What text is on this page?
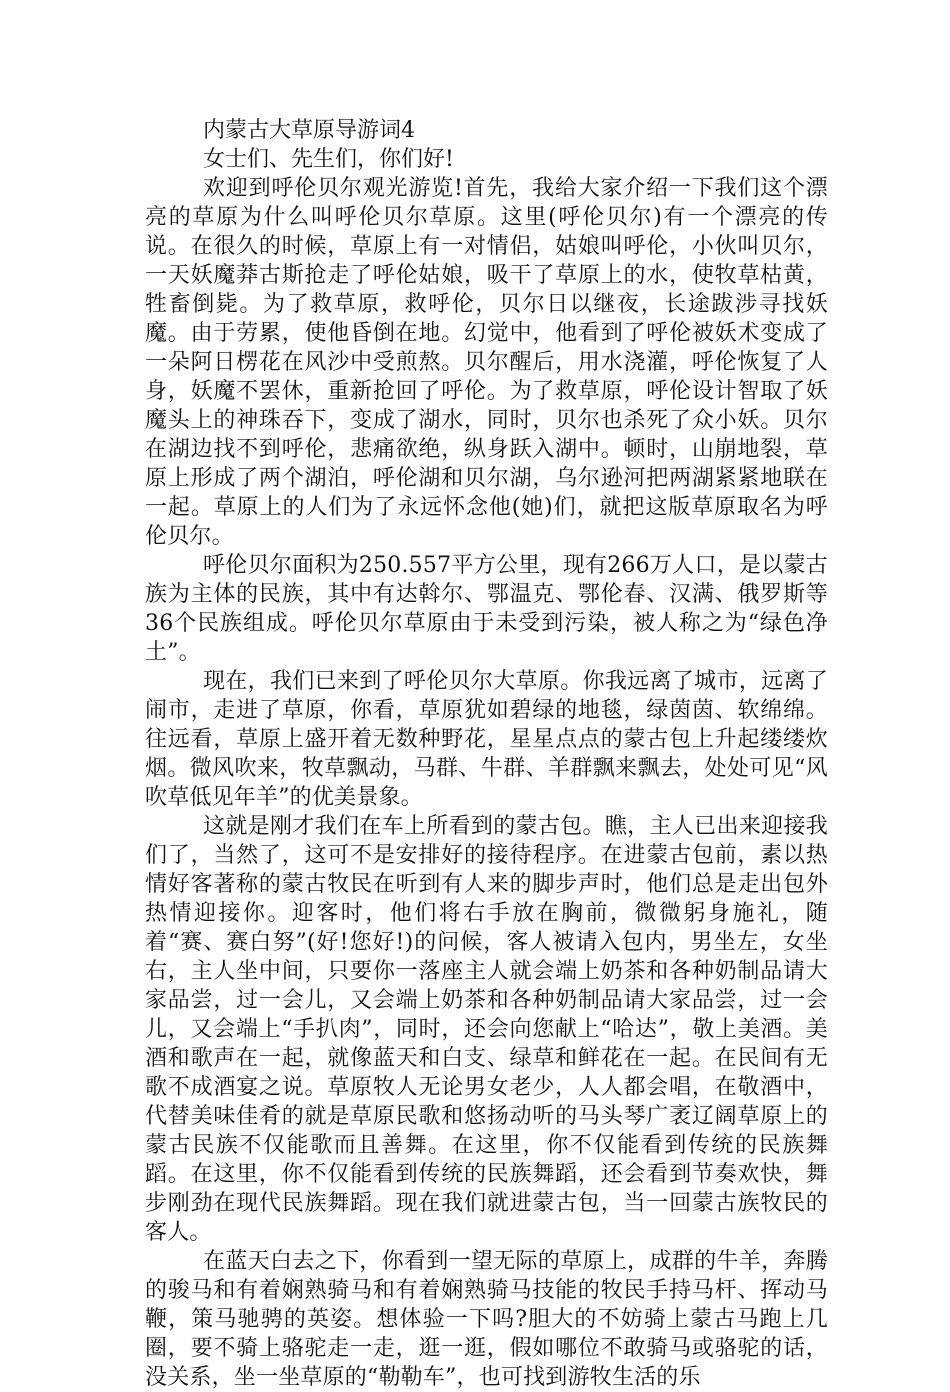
内蒙古大草原导游词4

女士们、先生们，你们好!

欢迎到呼伦贝尔观光游览!首先，我给大家介绍一下我们这个漂亮的草原为什么叫呼伦贝尔草原。这里(呼伦贝尔)有一个漂亮的传说。在很久的时候，草原上有一对情侣，姑娘叫呼伦，小伙叫贝尔，一天妖魔莽古斯抢走了呼伦姑娘，吸干了草原上的水，使牧草枯黄，牲畜倒毙。为了救草原，救呼伦，贝尔日以继夜，长途跋涉寻找妖魔。由于劳累，使他昏倒在地。幻觉中，他看到了呼伦被妖术变成了一朵阿日楞花在风沙中受煎熬。贝尔醒后，用水浇灌，呼伦恢复了人身，妖魔不罢休，重新抢回了呼伦。为了救草原，呼伦设计智取了妖魔头上的神珠吞下，变成了湖水，同时，贝尔也杀死了众小妖。贝尔在湖边找不到呼伦，悲痛欲绝，纵身跃入湖中。顿时，山崩地裂，草原上形成了两个湖泊，呼伦湖和贝尔湖，乌尔逊河把两湖紧紧地联在一起。草原上的人们为了永远怀念他(她)们，就把这版草原取名为呼伦贝尔。

呼伦贝尔面积为250.557平方公里，现有266万人口，是以蒙古族为主体的民族，其中有达斡尔、鄂温克、鄂伦春、汉满、俄罗斯等36个民族组成。呼伦贝尔草原由于未受到污染，被人称之为“绿色净土”。

现在，我们已来到了呼伦贝尔大草原。你我远离了城市，远离了闹市，走进了草原，你看，草原犹如碧绿的地毯，绿茵茵、软绵绵。往远看，草原上盛开着无数种野花，星星点点的蒙古包上升起缕缕炊烟。微风吹来，牧草飘动，马群、牛群、羊群飘来飘去，处处可见“风吹草低见年羊”的优美景象。

这就是刚才我们在车上所看到的蒙古包。瞧，主人已出来迎接我们了，当然了，这可不是安排好的接待程序。在进蒙古包前，素以热情好客著称的蒙古牧民在听到有人来的脚步声时，他们总是走出包外热情迎接你。迎客时，他们将右手放在胸前，微微躬身施礼，随着“赛、赛白努”(好!您好!)的问候，客人被请入包内，男坐左，女坐右，主人坐中间，只要你一落座主人就会端上奶茶和各种奶制品请大家品尝，过一会儿，又会端上奶茶和各种奶制品请大家品尝，过一会儿，又会端上“手扒肉”，同时，还会向您献上“哈达”，敬上美酒。美酒和歌声在一起，就像蓝天和白支、绿草和鲜花在一起。在民间有无歌不成酒宴之说。草原牧人无论男女老少，人人都会唱，在敬酒中，代替美味佳肴的就是草原民歌和悠扬动听的马头琴广袤辽阔草原上的蒙古民族不仅能歌而且善舞。在这里，你不仅能看到传统的民族舞蹈。在这里，你不仅能看到传统的民族舞蹈，还会看到节奏欢快，舞步刚劲在现代民族舞蹈。现在我们就进蒙古包，当一回蒙古族牧民的客人。

在蓝天白去之下，你看到一望无际的草原上，成群的牛羊，奔腾的骏马和有着娴熟骑马和有着娴熟骑马技能的牧民手持马杆、挥动马鞭，策马驰骋的英姿。想体验一下吗?胆大的不妨骑上蒙古马跑上几圈，要不骑上骆驼走一走，逛一逛，假如哪位不敢骑马或骆驼的话，没关系，坐一坐草原的“勒勒车”，也可找到游牧生活的乐
